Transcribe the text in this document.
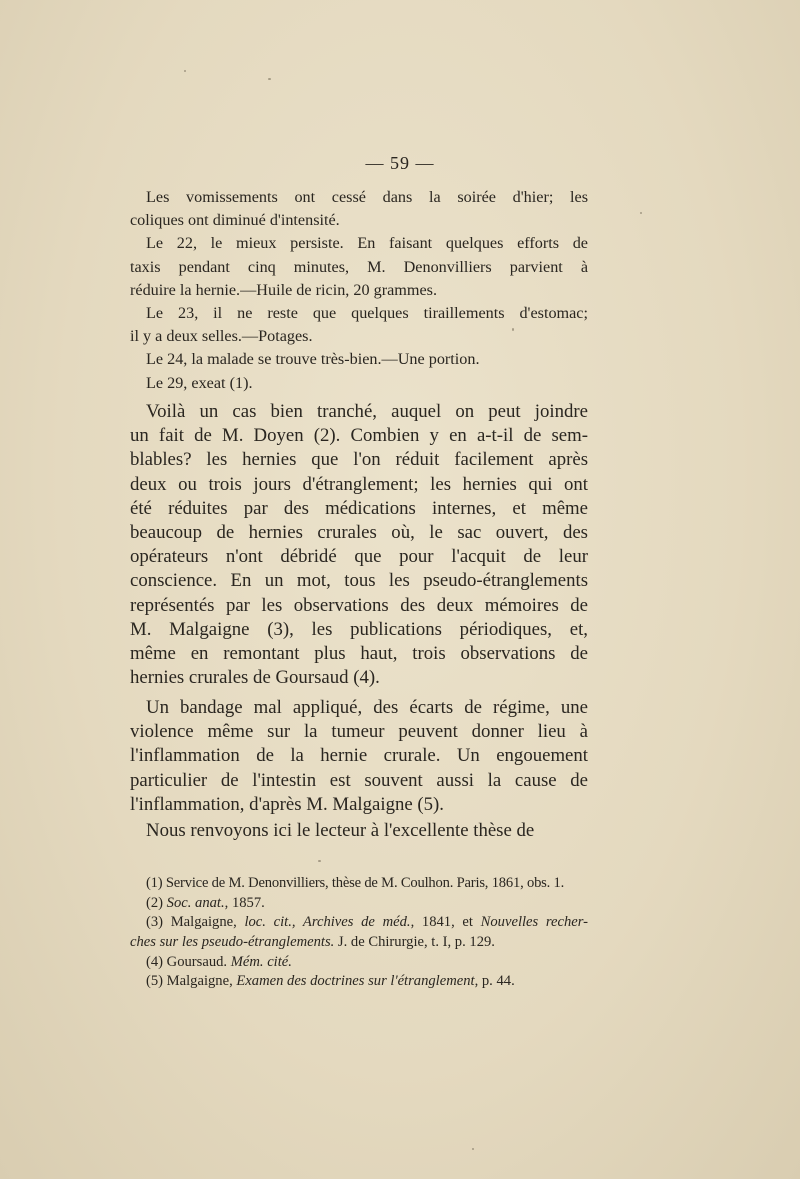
— 59 —
Les vomissements ont cessé dans la soirée d'hier; les
coliques ont diminué d'intensité.
Le 22, le mieux persiste. En faisant quelques efforts de
taxis pendant cinq minutes, M. Denonvilliers parvient à
réduire la hernie.—Huile de ricin, 20 grammes.
Le 23, il ne reste que quelques tiraillements d'estomac;
il y a deux selles.—Potages.
Le 24, la malade se trouve très-bien.—Une portion.
Le 29, exeat (1).
Voilà un cas bien tranché, auquel on peut joindre
un fait de M. Doyen (2). Combien y en a-t-il de sem-
blables? les hernies que l'on réduit facilement après
deux ou trois jours d'étranglement; les hernies qui ont
été réduites par des médications internes, et même
beaucoup de hernies crurales où, le sac ouvert, des
opérateurs n'ont débridé que pour l'acquit de leur
conscience. En un mot, tous les pseudo-étranglements
représentés par les observations des deux mémoires de
M. Malgaigne (3), les publications périodiques, et,
même en remontant plus haut, trois observations de
hernies crurales de Goursaud (4).
Un bandage mal appliqué, des écarts de régime, une
violence même sur la tumeur peuvent donner lieu à
l'inflammation de la hernie crurale. Un engouement
particulier de l'intestin est souvent aussi la cause de
l'inflammation, d'après M. Malgaigne (5).
Nous renvoyons ici le lecteur à l'excellente thèse de
(1) Service de M. Denonvilliers, thèse de M. Coulhon. Paris, 1861, obs. 1.
(2) Soc. anat., 1857.
(3) Malgaigne, loc. cit., Archives de méd., 1841, et Nouvelles recher-
ches sur les pseudo-étranglements. J. de Chirurgie, t. I, p. 129.
(4) Goursaud. Mém. cité.
(5) Malgaigne, Examen des doctrines sur l'étranglement, p. 44.
